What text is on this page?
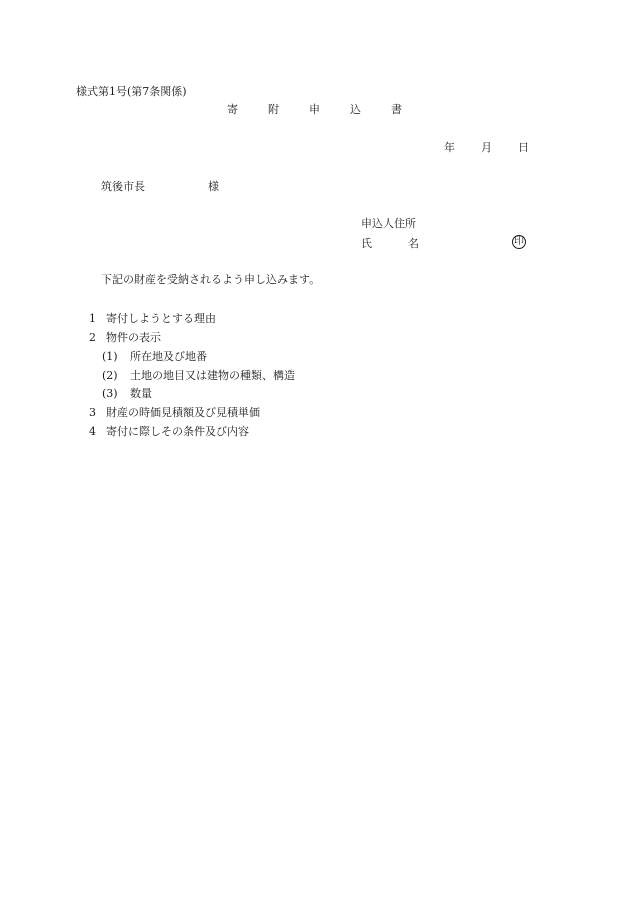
様式第1号(第7条関係)
寄	附	申	込	書
年	月	日
筑後市長	様
申込人住所
氏	名	印
下記の財産を受納されるよう申し込みます。
1 寄付しようとする理由
2 物件の表示
(1) 所在地及び地番
(2) 土地の地目又は建物の種類、構造
(3) 数量
3 財産の時価見積額及び見積単価
4 寄付に際しその条件及び内容
